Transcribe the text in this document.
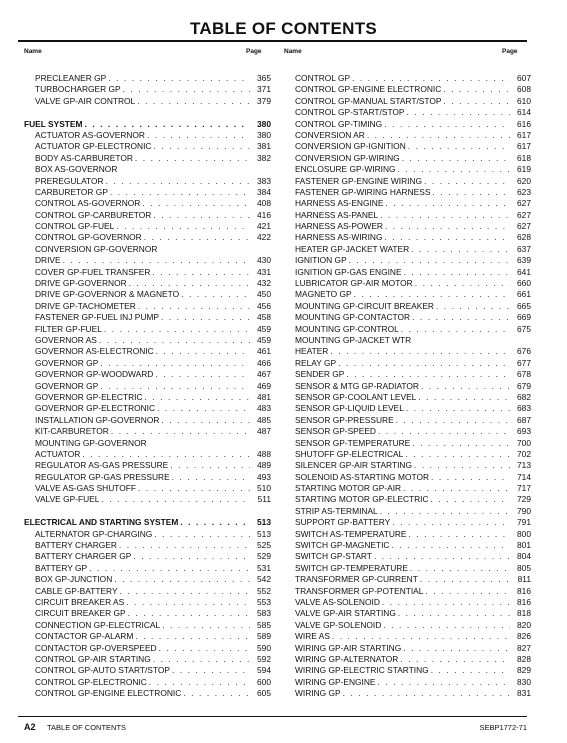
TABLE OF CONTENTS
Name	Page	Name	Page
PRECLEANER GP . . .	365
TURBOCHARGER GP . . .	371
VALVE GP-AIR CONTROL . . .	379
FUEL SYSTEM . . .	380
ACTUATOR AS-GOVERNOR . . .	380
ACTUATOR GP-ELECTRONIC . . .	381
BODY AS-CARBURETOR . . .	382
BOX AS-GOVERNOR
PREREGULATOR . . .	383
CARBURETOR GP . . .	384
CONTROL AS-GOVERNOR . . .	408
CONTROL GP-CARBURETOR . . .	416
CONTROL GP-FUEL . . .	421
CONTROL GP-GOVERNOR . . .	422
CONVERSION GP-GOVERNOR
DRIVE . . .	430
COVER GP-FUEL TRANSFER . . .	431
DRIVE GP-GOVERNOR . . .	432
DRIVE GP-GOVERNOR & MAGNETO . . .	450
DRIVE GP-TACHOMETER . . .	456
FASTENER GP-FUEL INJ PUMP . . .	458
FILTER GP-FUEL . . .	459
GOVERNOR AS . . .	459
GOVERNOR AS-ELECTRONIC . . .	461
GOVERNOR GP . . .	466
GOVERNOR GP-WOODWARD . . .	467
GOVERNOR GP . . .	469
GOVERNOR GP-ELECTRIC . . .	481
GOVERNOR GP-ELECTRONIC . . .	483
INSTALLATION GP-GOVERNOR . . .	485
KIT-CARBURETOR . . .	487
MOUNTING GP-GOVERNOR
ACTUATOR . . .	488
REGULATOR AS-GAS PRESSURE . . .	489
REGULATOR GP-GAS PRESSURE . . .	493
VALVE AS-GAS SHUTOFF . . .	510
VALVE GP-FUEL . . .	511
ELECTRICAL AND STARTING SYSTEM . . .	513
ALTERNATOR GP-CHARGING . . .	513
BATTERY CHARGER . . .	525
BATTERY CHARGER GP . . .	529
BATTERY GP . . .	531
BOX GP-JUNCTION . . .	542
CABLE GP-BATTERY . . .	552
CIRCUIT BREAKER AS . . .	553
CIRCUIT BREAKER GP . . .	583
CONNECTION GP-ELECTRICAL . . .	585
CONTACTOR GP-ALARM . . .	589
CONTACTOR GP-OVERSPEED . . .	590
CONTROL GP-AIR STARTING . . .	592
CONTROL GP-AUTO START/STOP . . .	594
CONTROL GP-ELECTRONIC . . .	600
CONTROL GP-ENGINE ELECTRONIC . . .	605
CONTROL GP . . .	607
CONTROL GP-ENGINE ELECTRONIC . . .	608
CONTROL GP-MANUAL START/STOP . . .	610
CONTROL GP-START/STOP . . .	614
CONTROL GP-TIMING . . .	616
CONVERSION AR . . .	617
CONVERSION GP-IGNITION . . .	617
CONVERSION GP-WIRING . . .	618
ENCLOSURE GP-WIRING . . .	619
FASTENER GP-ENGINE WIRING . . .	620
FASTENER GP-WIRING HARNESS . . .	623
HARNESS AS-ENGINE . . .	627
HARNESS AS-PANEL . . .	627
HARNESS AS-POWER . . .	627
HARNESS AS-WIRING . . .	628
HEATER GP-JACKET WATER . . .	637
IGNITION GP . . .	639
IGNITION GP-GAS ENGINE . . .	641
LUBRICATOR GP-AIR MOTOR . . .	660
MAGNETO GP . . .	661
MOUNTING GP-CIRCUIT BREAKER . . .	665
MOUNTING GP-CONTACTOR . . .	669
MOUNTING GP-CONTROL . . .	675
MOUNTING GP-JACKET WTR
HEATER . . .	676
RELAY GP . . .	677
SENDER GP . . .	678
SENSOR & MTG GP-RADIATOR . . .	679
SENSOR GP-COOLANT LEVEL . . .	682
SENSOR GP-LIQUID LEVEL . . .	683
SENSOR GP-PRESSURE . . .	687
SENSOR GP-SPEED . . .	693
SENSOR GP-TEMPERATURE . . .	700
SHUTOFF GP-ELECTRICAL . . .	702
SILENCER GP-AIR STARTING . . .	713
SOLENOID AS-STARTING MOTOR . . .	714
STARTING MOTOR GP-AIR . . .	717
STARTING MOTOR GP-ELECTRIC . . .	729
STRIP AS-TERMINAL . . .	790
SUPPORT GP-BATTERY . . .	791
SWITCH AS-TEMPERATURE . . .	800
SWITCH GP-MAGNETIC . . .	801
SWITCH GP-START . . .	804
SWITCH GP-TEMPERATURE . . .	805
TRANSFORMER GP-CURRENT . . .	811
TRANSFORMER GP-POTENTIAL . . .	816
VALVE AS-SOLENOID . . .	816
VALVE GP-AIR STARTING . . .	818
VALVE GP-SOLENOID . . .	820
WIRE AS . . .	826
WIRING GP-AIR STARTING . . .	827
WIRING GP-ALTERNATOR . . .	828
WIRING GP-ELECTRIC STARTING . . .	829
WIRING GP-ENGINE . . .	830
WIRING GP . . .	831
A2 TABLE OF CONTENTS	SEBP1772-71
